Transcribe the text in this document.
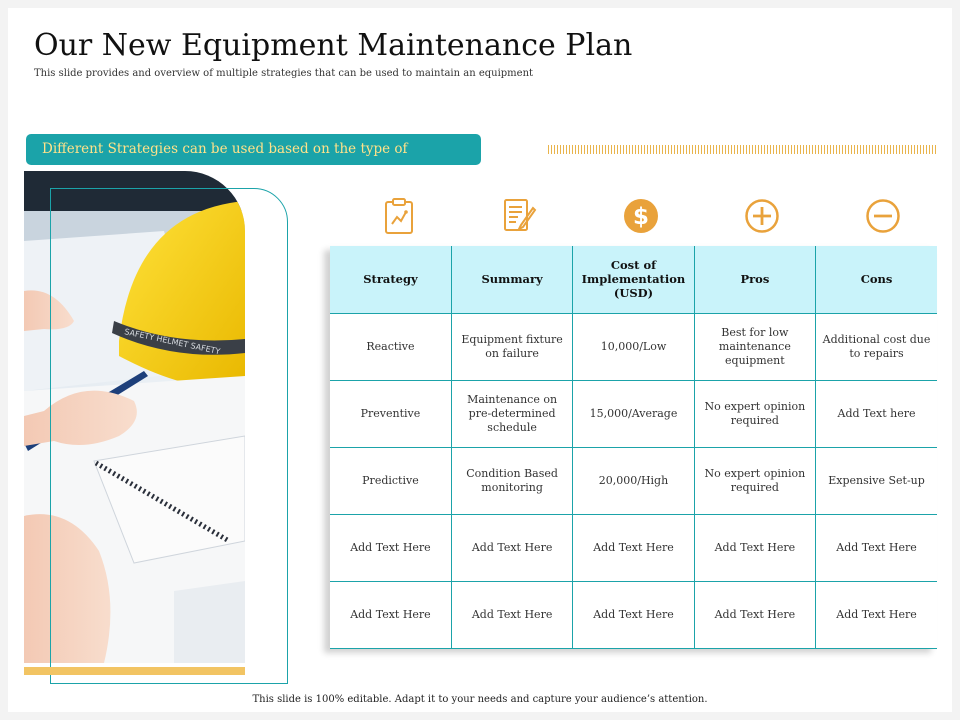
Our New Equipment Maintenance Plan
This slide provides and overview of multiple strategies that can be used to maintain an equipment
Different Strategies can be used based on the type of
SAFETY HELMET SAFETY
$
Strategy	Summary	Cost of Implementation (USD)	Pros	Cons
Reactive	Equipment fixture on failure	10,000/Low	Best for low maintenance equipment	Additional cost due to repairs
Preventive	Maintenance on pre-determined schedule	15,000/Average	No expert opinion required	Add Text here
Predictive	Condition Based monitoring	20,000/High	No expert opinion required	Expensive Set-up
Add Text Here	Add Text Here	Add Text Here	Add Text Here	Add Text Here
Add Text Here	Add Text Here	Add Text Here	Add Text Here	Add Text Here
This slide is 100% editable. Adapt it to your needs and capture your audience’s attention.
